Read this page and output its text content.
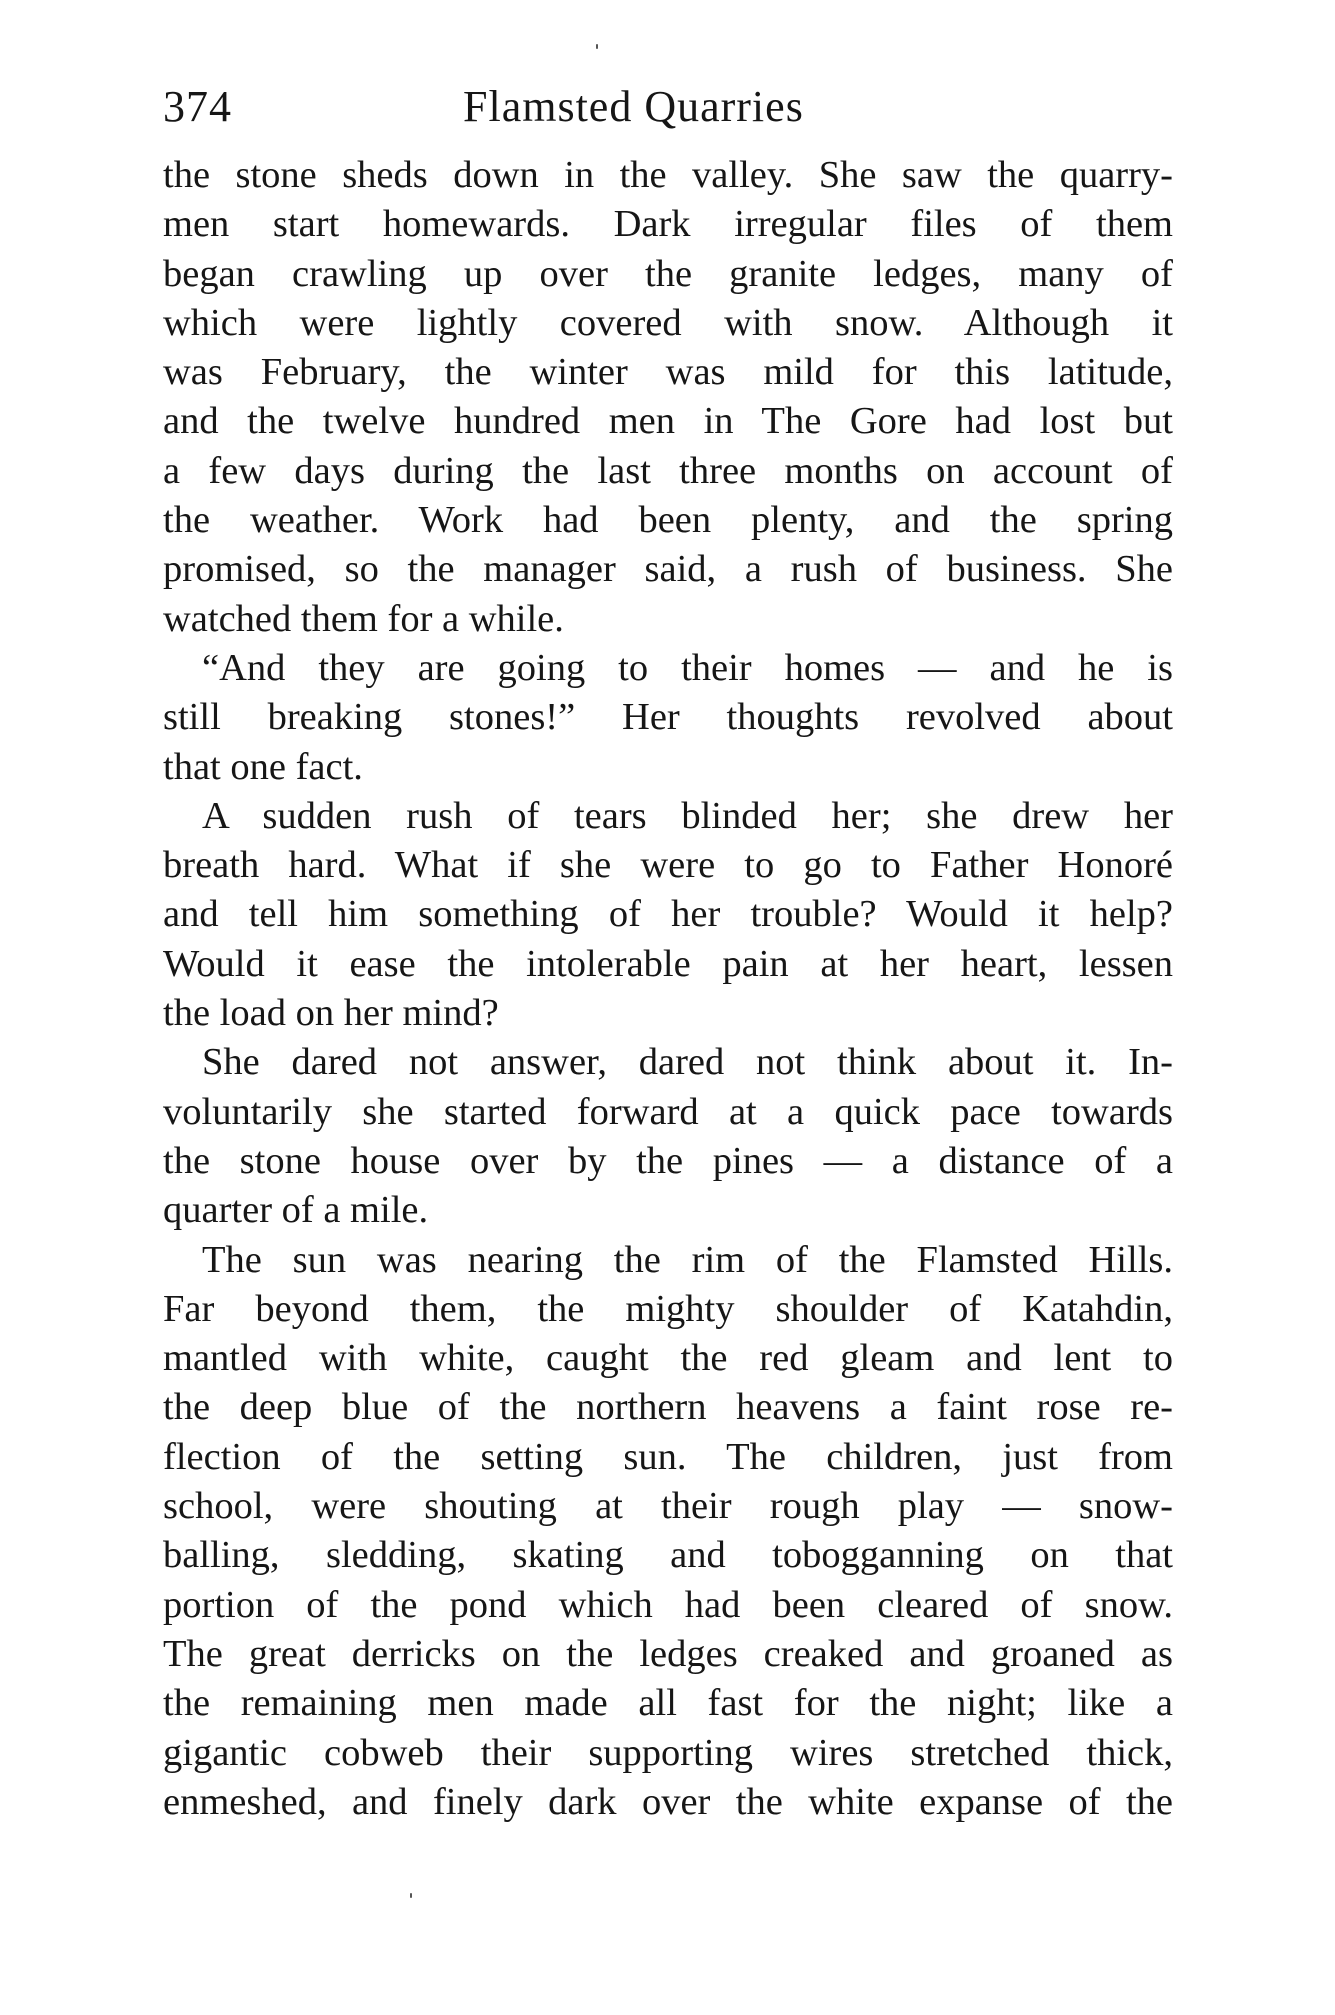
374	Flamsted Quarries
the stone sheds down in the valley. She saw the quarry-
men start homewards. Dark irregular files of them
began crawling up over the granite ledges, many of
which were lightly covered with snow. Although it
was February, the winter was mild for this latitude,
and the twelve hundred men in The Gore had lost but
a few days during the last three months on account of
the weather. Work had been plenty, and the spring
promised, so the manager said, a rush of business. She
watched them for a while.
“And they are going to their homes — and he is
still breaking stones!” Her thoughts revolved about
that one fact.
A sudden rush of tears blinded her; she drew her
breath hard. What if she were to go to Father Honoré
and tell him something of her trouble? Would it help?
Would it ease the intolerable pain at her heart, lessen
the load on her mind?
She dared not answer, dared not think about it. In-
voluntarily she started forward at a quick pace towards
the stone house over by the pines — a distance of a
quarter of a mile.
The sun was nearing the rim of the Flamsted Hills.
Far beyond them, the mighty shoulder of Katahdin,
mantled with white, caught the red gleam and lent to
the deep blue of the northern heavens a faint rose re-
flection of the setting sun. The children, just from
school, were shouting at their rough play — snow-
balling, sledding, skating and tobogganning on that
portion of the pond which had been cleared of snow.
The great derricks on the ledges creaked and groaned as
the remaining men made all fast for the night; like a
gigantic cobweb their supporting wires stretched thick,
enmeshed, and finely dark over the white expanse of the
